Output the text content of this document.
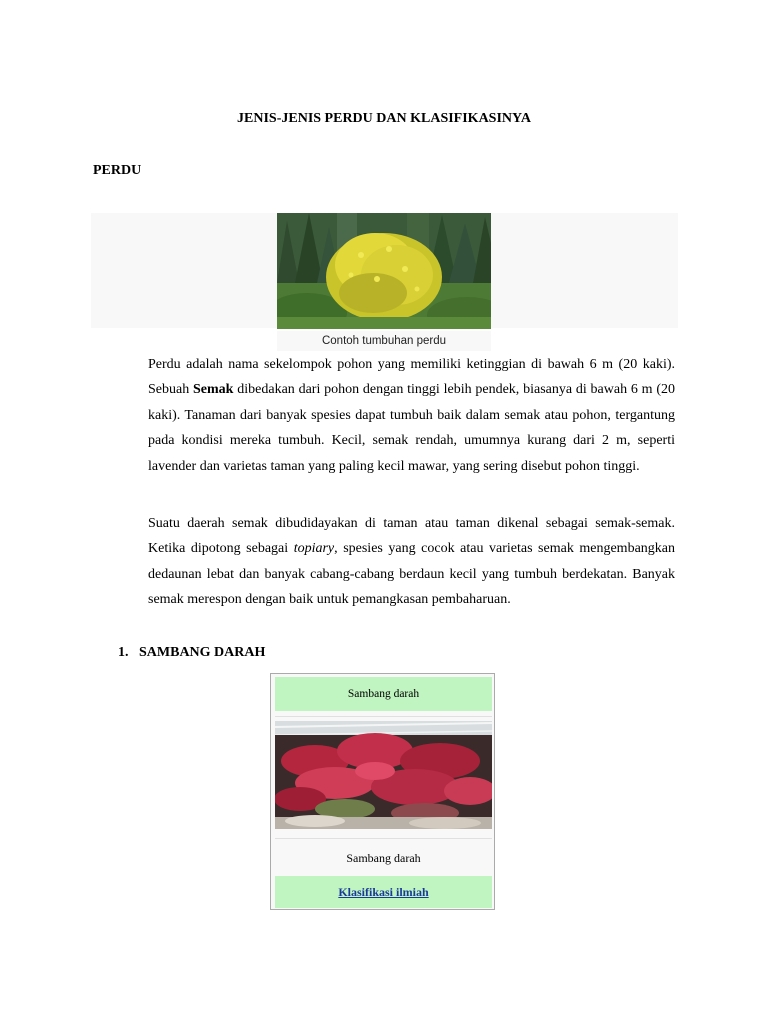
JENIS-JENIS PERDU DAN KLASIFIKASINYA
PERDU
Contoh tumbuhan perdu

Perdu adalah nama sekelompok pohon yang memiliki ketinggian di bawah 6 m (20 kaki). Sebuah Semak dibedakan dari pohon dengan tinggi lebih pendek, biasanya di bawah 6 m (20 kaki). Tanaman dari banyak spesies dapat tumbuh baik dalam semak atau pohon, tergantung pada kondisi mereka tumbuh. Kecil, semak rendah, umumnya kurang dari 2 m, seperti lavender dan varietas taman yang paling kecil mawar, yang sering disebut pohon tinggi.

Suatu daerah semak dibudidayakan di taman atau taman dikenal sebagai semak-semak. Ketika dipotong sebagai topiary, spesies yang cocok atau varietas semak mengembangkan dedaunan lebat dan banyak cabang-cabang berdaun kecil yang tumbuh berdekatan. Banyak semak merespon dengan baik untuk pemangkasan pembaharuan.

1. SAMBANG DARAH
Sambang darah
Sambang darah
Klasifikasi ilmiah
